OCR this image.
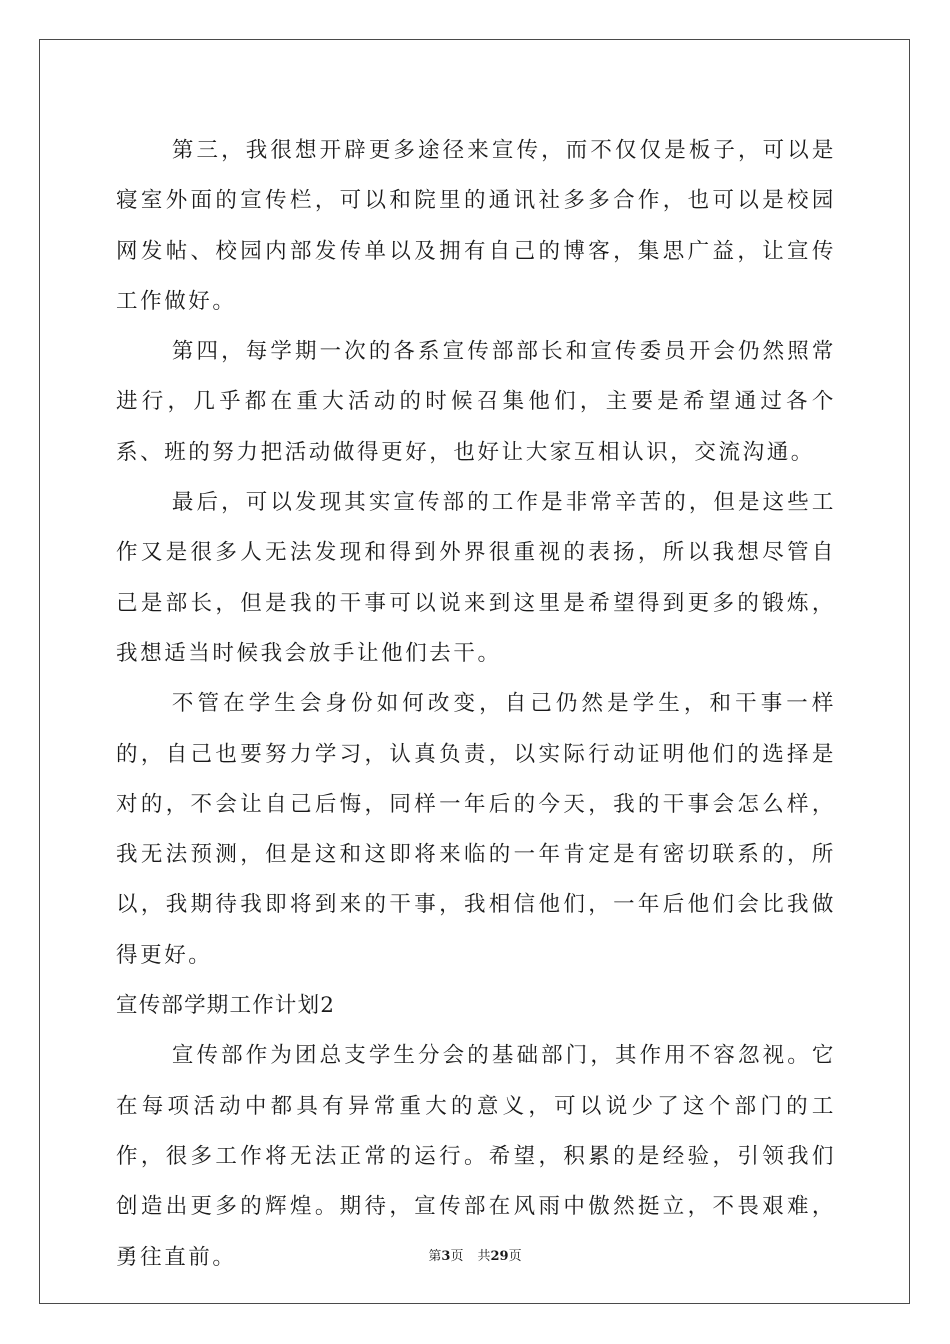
第三，我很想开辟更多途径来宣传，而不仅仅是板子，可以是寝室外面的宣传栏，可以和院里的通讯社多多合作，也可以是校园网发帖、校园内部发传单以及拥有自己的博客，集思广益，让宣传工作做好。

第四，每学期一次的各系宣传部部长和宣传委员开会仍然照常进行，几乎都在重大活动的时候召集他们，主要是希望通过各个系、班的努力把活动做得更好，也好让大家互相认识，交流沟通。

最后，可以发现其实宣传部的工作是非常辛苦的，但是这些工作又是很多人无法发现和得到外界很重视的表扬，所以我想尽管自己是部长，但是我的干事可以说来到这里是希望得到更多的锻炼，我想适当时候我会放手让他们去干。

不管在学生会身份如何改变，自己仍然是学生，和干事一样的，自己也要努力学习，认真负责，以实际行动证明他们的选择是对的，不会让自己后悔，同样一年后的今天，我的干事会怎么样，我无法预测，但是这和这即将来临的一年肯定是有密切联系的，所以，我期待我即将到来的干事，我相信他们，一年后他们会比我做得更好。

宣传部学期工作计划2

宣传部作为团总支学生分会的基础部门，其作用不容忽视。它在每项活动中都具有异常重大的意义，可以说少了这个部门的工作，很多工作将无法正常的运行。希望，积累的是经验，引领我们创造出更多的辉煌。期待，宣传部在风雨中傲然挺立，不畏艰难，勇往直前。	第3页 共29页
